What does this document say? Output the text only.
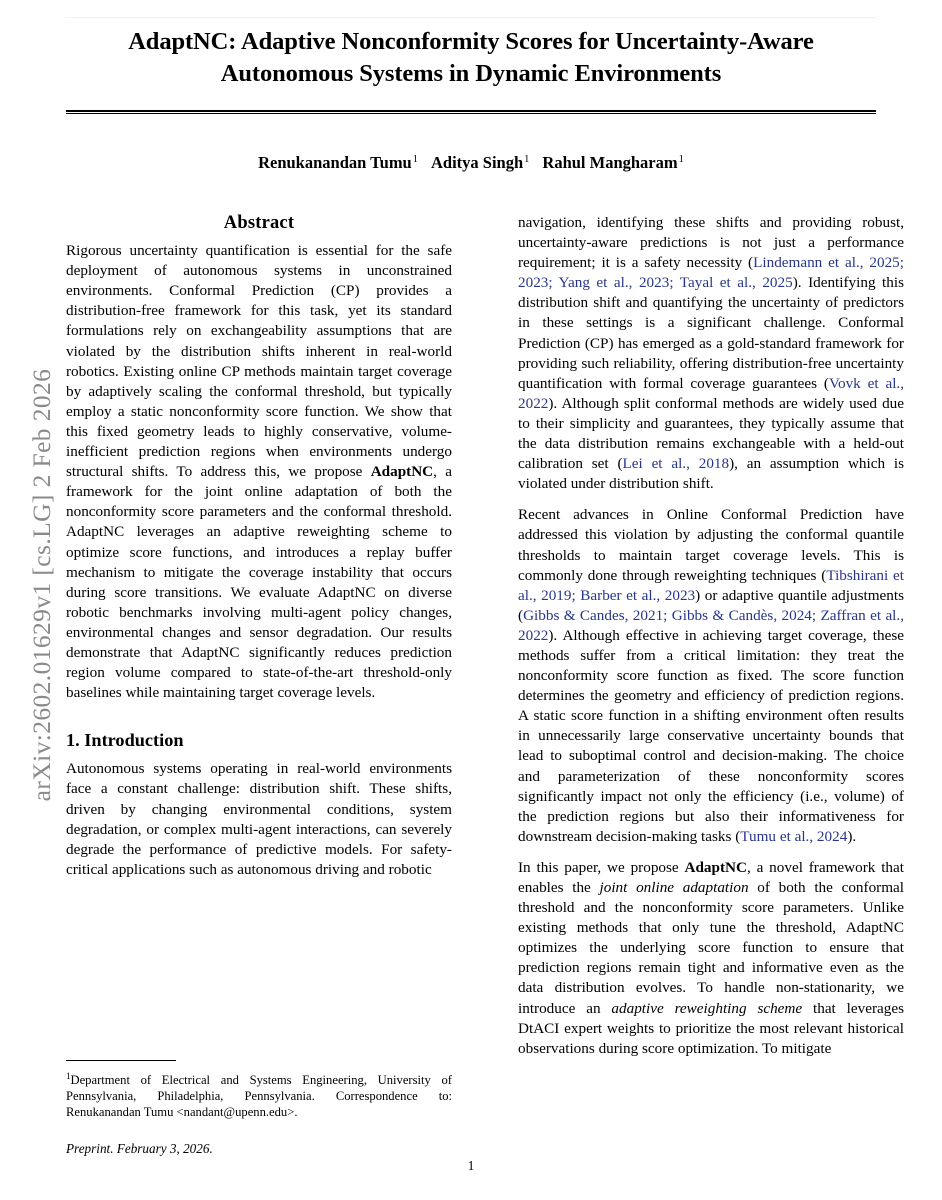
arXiv:2602.01629v1 [cs.LG] 2 Feb 2026
AdaptNC: Adaptive Nonconformity Scores for Uncertainty-Aware Autonomous Systems in Dynamic Environments
Renukanandan Tumu$^1$ Aditya Singh$^1$ Rahul Mangharam$^1$
Abstract

Rigorous uncertainty quantification is essential for the safe deployment of autonomous systems in unconstrained environments. Conformal Prediction (CP) provides a distribution-free framework for this task, yet its standard formulations rely on exchangeability assumptions that are violated by the distribution shifts inherent in real-world robotics. Existing online CP methods maintain target coverage by adaptively scaling the conformal threshold, but typically employ a static nonconformity score function. We show that this fixed geometry leads to highly conservative, volume-inefficient prediction regions when environments undergo structural shifts. To address this, we propose AdaptNC, a framework for the joint online adaptation of both the nonconformity score parameters and the conformal threshold. AdaptNC leverages an adaptive reweighting scheme to optimize score functions, and introduces a replay buffer mechanism to mitigate the coverage instability that occurs during score transitions. We evaluate AdaptNC on diverse robotic benchmarks involving multi-agent policy changes, environmental changes and sensor degradation. Our results demonstrate that AdaptNC significantly reduces prediction region volume compared to state-of-the-art threshold-only baselines while maintaining target coverage levels.

1. Introduction

Autonomous systems operating in real-world environments face a constant challenge: distribution shift. These shifts, driven by changing environmental conditions, system degradation, or complex multi-agent interactions, can severely degrade the performance of predictive models. For safety-critical applications such as autonomous driving and robotic

navigation, identifying these shifts and providing robust, uncertainty-aware predictions is not just a performance requirement; it is a safety necessity (Lindemann et al., 2025; 2023; Yang et al., 2023; Tayal et al., 2025). Identifying this distribution shift and quantifying the uncertainty of predictors in these settings is a significant challenge. Conformal Prediction (CP) has emerged as a gold-standard framework for providing such reliability, offering distribution-free uncertainty quantification with formal coverage guarantees (Vovk et al., 2022). Although split conformal methods are widely used due to their simplicity and guarantees, they typically assume that the data distribution remains exchangeable with a held-out calibration set (Lei et al., 2018), an assumption which is violated under distribution shift.

Recent advances in Online Conformal Prediction have addressed this violation by adjusting the conformal quantile thresholds to maintain target coverage levels. This is commonly done through reweighting techniques (Tibshirani et al., 2019; Barber et al., 2023) or adaptive quantile adjustments (Gibbs & Candes, 2021; Gibbs & Candès, 2024; Zaffran et al., 2022). Although effective in achieving target coverage, these methods suffer from a critical limitation: they treat the nonconformity score function as fixed. The score function determines the geometry and efficiency of prediction regions. A static score function in a shifting environment often results in unnecessarily large conservative uncertainty bounds that lead to suboptimal control and decision-making. The choice and parameterization of these nonconformity scores significantly impact not only the efficiency (i.e., volume) of the prediction regions but also their informativeness for downstream decision-making tasks (Tumu et al., 2024).

In this paper, we propose AdaptNC, a novel framework that enables the joint online adaptation of both the conformal threshold and the nonconformity score parameters. Unlike existing methods that only tune the threshold, AdaptNC optimizes the underlying score function to ensure that prediction regions remain tight and informative even as the data distribution evolves. To handle non-stationarity, we introduce an adaptive reweighting scheme that leverages DtACI expert weights to prioritize the most relevant historical observations during score optimization. To mitigate

$^1$Department of Electrical and Systems Engineering, University of Pennsylvania, Philadelphia, Pennsylvania. Correspondence to: Renukanandan Tumu <nandant@upenn.edu>.

Preprint. February 3, 2026.

1
